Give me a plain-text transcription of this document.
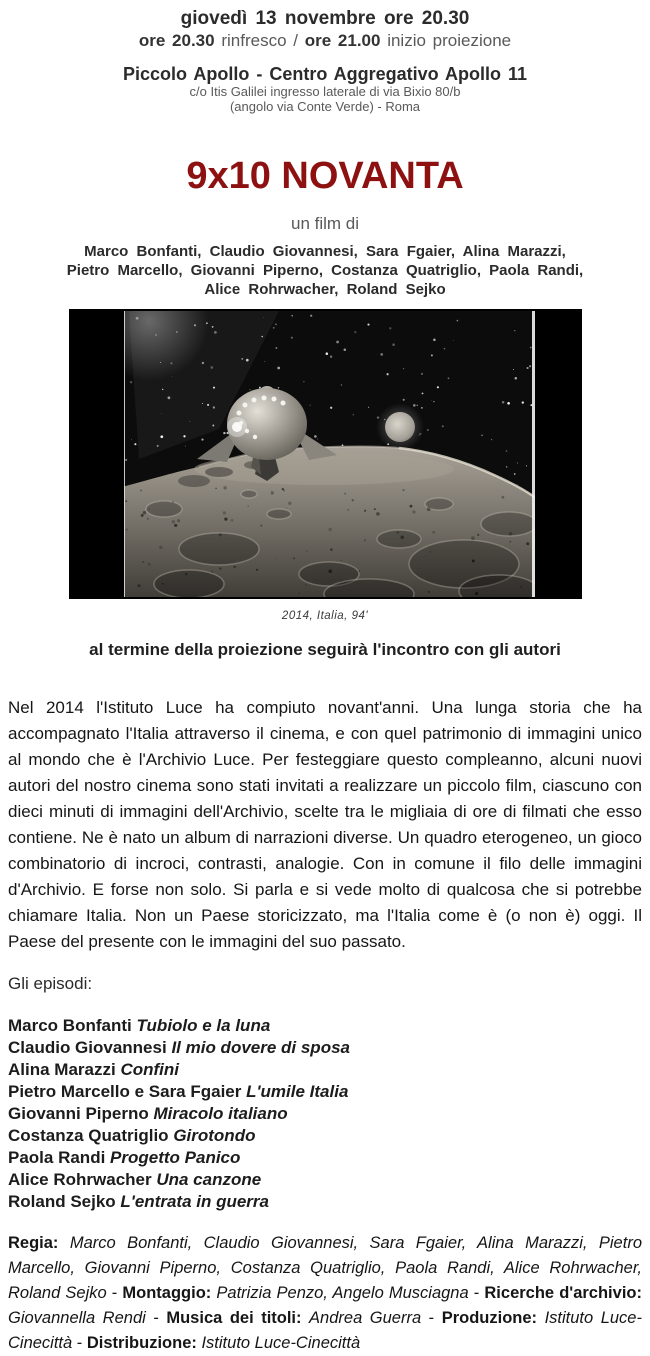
giovedì 13 novembre ore 20.30
ore 20.30 rinfresco / ore 21.00 inizio proiezione
Piccolo Apollo - Centro Aggregativo Apollo 11
c/o Itis Galilei ingresso laterale di via Bixio 80/b
(angolo via Conte Verde) - Roma
9x10 NOVANTA
un film di
Marco Bonfanti, Claudio Giovannesi, Sara Fgaier, Alina Marazzi,
Pietro Marcello, Giovanni Piperno, Costanza Quatriglio, Paola Randi,
Alice Rohrwacher, Roland Sejko
2014, Italia, 94'
al termine della proiezione seguirà l'incontro con gli autori

Nel 2014 l'Istituto Luce ha compiuto novant'anni. Una lunga storia che ha accompagnato l'Italia attraverso il cinema, e con quel patrimonio di immagini unico al mondo che è l'Archivio Luce. Per festeggiare questo compleanno, alcuni nuovi autori del nostro cinema sono stati invitati a realizzare un piccolo film, ciascuno con dieci minuti di immagini dell'Archivio, scelte tra le migliaia di ore di filmati che esso contiene. Ne è nato un album di narrazioni diverse. Un quadro eterogeneo, un gioco combinatorio di incroci, contrasti, analogie. Con in comune il filo delle immagini d'Archivio. E forse non solo. Si parla e si vede molto di qualcosa che si potrebbe chiamare Italia. Non un Paese storicizzato, ma l'Italia come è (o non è) oggi. Il Paese del presente con le immagini del suo passato.

Gli episodi:
Marco Bonfanti Tubiolo e la luna
Claudio Giovannesi Il mio dovere di sposa
Alina Marazzi Confini
Pietro Marcello e Sara Fgaier L'umile Italia
Giovanni Piperno Miracolo italiano
Costanza Quatriglio Girotondo
Paola Randi Progetto Panico
Alice Rohrwacher Una canzone
Roland Sejko L'entrata in guerra

Regia: Marco Bonfanti, Claudio Giovannesi, Sara Fgaier, Alina Marazzi, Pietro Marcello, Giovanni Piperno, Costanza Quatriglio, Paola Randi, Alice Rohrwacher, Roland Sejko - Montaggio: Patrizia Penzo, Angelo Musciagna - Ricerche d'archivio: Giovannella Rendi - Musica dei titoli: Andrea Guerra - Produzione: Istituto Luce-Cinecittà - Distribuzione: Istituto Luce-Cinecittà
